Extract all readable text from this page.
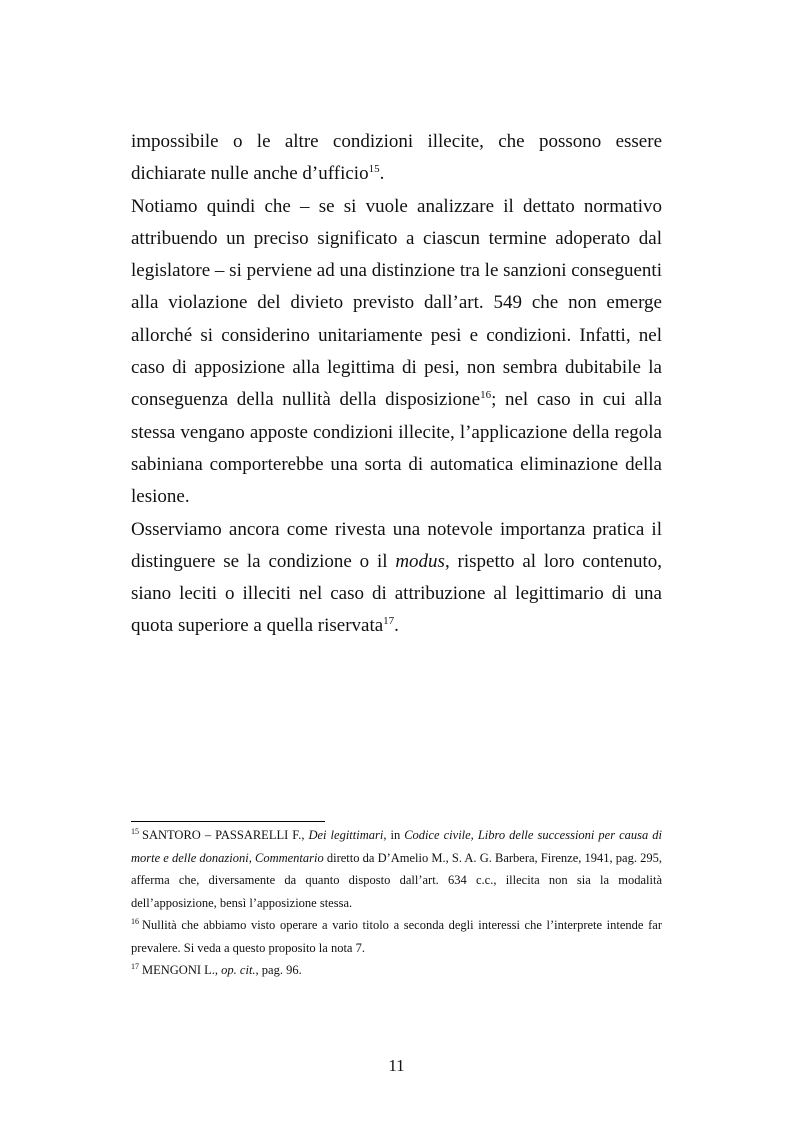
impossibile o le altre condizioni illecite, che possono essere dichiarate nulle anche d’ufficio$^{15}$.

Notiamo quindi che – se si vuole analizzare il dettato normativo attribuendo un preciso significato a ciascun termine adoperato dal legislatore – si perviene ad una distinzione tra le sanzioni conseguenti alla violazione del divieto previsto dall’art. 549 che non emerge allorché si considerino unitariamente pesi e condizioni. Infatti, nel caso di apposizione alla legittima di pesi, non sembra dubitabile la conseguenza della nullità della disposizione$^{16}$; nel caso in cui alla stessa vengano apposte condizioni illecite, l’applicazione della regola sabiniana comporterebbe una sorta di automatica eliminazione della lesione.

Osserviamo ancora come rivesta una notevole importanza pratica il distinguere se la condizione o il modus, rispetto al loro contenuto, siano leciti o illeciti nel caso di attribuzione al legittimario di una quota superiore a quella riservata$^{17}$.

$^{15}$ SANTORO – PASSARELLI F., Dei legittimari, in Codice civile, Libro delle successioni per causa di morte e delle donazioni, Commentario diretto da D’Amelio M., S. A. G. Barbera, Firenze, 1941, pag. 295, afferma che, diversamente da quanto disposto dall’art. 634 c.c., illecita non sia la modalità dell’apposizione, bensì l’apposizione stessa.

$^{16}$ Nullità che abbiamo visto operare a vario titolo a seconda degli interessi che l’interprete intende far prevalere. Si veda a questo proposito la nota 7.

$^{17}$ MENGONI L., op. cit., pag. 96.

11
